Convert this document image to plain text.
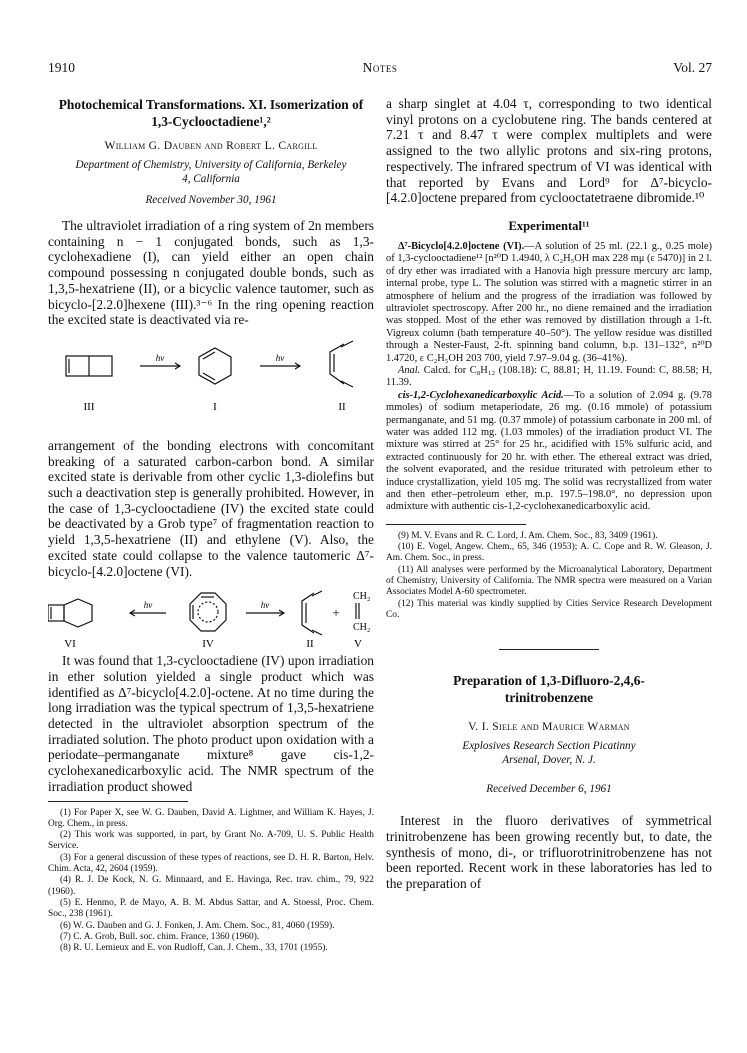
1910	Notes	Vol. 27

Photochemical Transformations. XI. Isomerization of 1,3-Cyclooctadiene¹,²

William G. Dauben and Robert L. Cargill

Department of Chemistry, University of California, Berkeley 4, California

Received November 30, 1961

The ultraviolet irradiation of a ring system of 2n members containing n − 1 conjugated bonds, such as 1,3-cyclohexadiene (I), can yield either an open chain compound possessing n conjugated double bonds, such as 1,3,5-hexatriene (II), or a bicyclic valence tautomer, such as bicyclo-[2.2.0]hexene (III).³⁻⁶ In the ring opening reaction the excited state is deactivated via re-

hν	hν
III	I	II

arrangement of the bonding electrons with concomitant breaking of a saturated carbon-carbon bond. A similar excited state is derivable from other cyclic 1,3-diolefins but such a deactivation step is generally prohibited. However, in the case of 1,3-cyclooctadiene (IV) the excited state could be deactivated by a Grob type⁷ of fragmentation reaction to yield 1,3,5-hexatriene (II) and ethylene (V). Also, the excited state could collapse to the valence tautomeric Δ⁷-bicyclo-[4.2.0]octene (VI).

hν	hν	+
CH₂
CH₂
VI	IV	II	V

It was found that 1,3-cyclooctadiene (IV) upon irradiation in ether solution yielded a single product which was identified as Δ⁷-bicyclo[4.2.0]-octene. At no time during the long irradiation was the typical spectrum of 1,3,5-hexatriene detected in the ultraviolet absorption spectrum of the irradiated solution. The photo product upon oxidation with a periodate–permanganate mixture⁸ gave cis-1,2-cyclohexanedicarboxylic acid. The NMR spectrum of the irradiation product showed

(1) For Paper X, see W. G. Dauben, David A. Lightner, and William K. Hayes, J. Org. Chem., in press.

(2) This work was supported, in part, by Grant No. A-709, U. S. Public Health Service.

(3) For a general discussion of these types of reactions, see D. H. R. Barton, Helv. Chim. Acta, 42, 2604 (1959).

(4) R. J. De Kock, N. G. Minnaard, and E. Havinga, Rec. trav. chim., 79, 922 (1960).

(5) E. Henmo, P. de Mayo, A. B. M. Abdus Sattar, and A. Stoessl, Proc. Chem. Soc., 238 (1961).

(6) W. G. Dauben and G. J. Fonken, J. Am. Chem. Soc., 81, 4060 (1959).

(7) C. A. Grob, Bull. soc. chim. France, 1360 (1960).

(8) R. U. Lemieux and E. von Rudloff, Can. J. Chem., 33, 1701 (1955).

a sharp singlet at 4.04 τ, corresponding to two identical vinyl protons on a cyclobutene ring. The bands centered at 7.21 τ and 8.47 τ were complex multiplets and were assigned to the two allylic protons and six-ring protons, respectively. The infrared spectrum of VI was identical with that reported by Evans and Lord⁹ for Δ⁷-bicyclo-[4.2.0]octene prepared from cyclooctatetraene dibromide.¹⁰

Experimental¹¹

Δ⁷-Bicyclo[4.2.0]octene (VI).—A solution of 25 ml. (22.1 g., 0.25 mole) of 1,3-cyclooctadiene¹² [n²⁰D 1.4940, λ C₂H₅OH max 228 mμ (ε 5470)] in 2 l. of dry ether was irradiated with a Hanovia high pressure mercury arc lamp, internal probe, type L. The solution was stirred with a magnetic stirrer in an atmosphere of helium and the progress of the irradiation was followed by ultraviolet spectroscopy. After 200 hr., no diene remained and the irradiation was stopped. Most of the ether was removed by distillation through a 1-ft. Vigreux column (bath temperature 40–50°). The yellow residue was distilled through a Nester-Faust, 2-ft. spinning band column, b.p. 131–132°, n²⁰D 1.4720, ε C₂H₅OH 203 700, yield 7.97–9.04 g. (36–41%).

Anal. Calcd. for C₈H₁₂ (108.18): C, 88.81; H, 11.19. Found: C, 88.58; H, 11.39.

cis-1,2-Cyclohexanedicarboxylic Acid.—To a solution of 2.094 g. (9.78 mmoles) of sodium metaperiodate, 26 mg. (0.16 mmole) of potassium permanganate, and 51 mg. (0.37 mmole) of potassium carbonate in 200 ml. of water was added 112 mg. (1.03 mmoles) of the irradiation product VI. The mixture was stirred at 25° for 25 hr., acidified with 15% sulfuric acid, and extracted continuously for 20 hr. with ether. The ethereal extract was dried, the solvent evaporated, and the residue triturated with petroleum ether to induce crystallization, yield 105 mg. The solid was recrystallized from water and then ether–petroleum ether, m.p. 197.5–198.0°, no depression upon admixture with authentic cis-1,2-cyclohexanedicarboxylic acid.

(9) M. V. Evans and R. C. Lord, J. Am. Chem. Soc., 83, 3409 (1961).

(10) E. Vogel, Angew. Chem., 65, 346 (1953); A. C. Cope and R. W. Gleason, J. Am. Chem. Soc., in press.

(11) All analyses were performed by the Microanalytical Laboratory, Department of Chemistry, University of California. The NMR spectra were measured on a Varian Associates Model A-60 spectrometer.

(12) This material was kindly supplied by Cities Service Research Development Co.

Preparation of 1,3-Difluoro-2,4,6-
trinitrobenzene

V. I. Siele and Maurice Warman

Explosives Research Section Picatinny Arsenal, Dover, N. J.

Received December 6, 1961

Interest in the fluoro derivatives of symmetrical trinitrobenzene has been growing recently but, to date, the synthesis of mono, di-, or trifluorotrinitrobenzene has not been reported. Recent work in these laboratories has led to the preparation of
